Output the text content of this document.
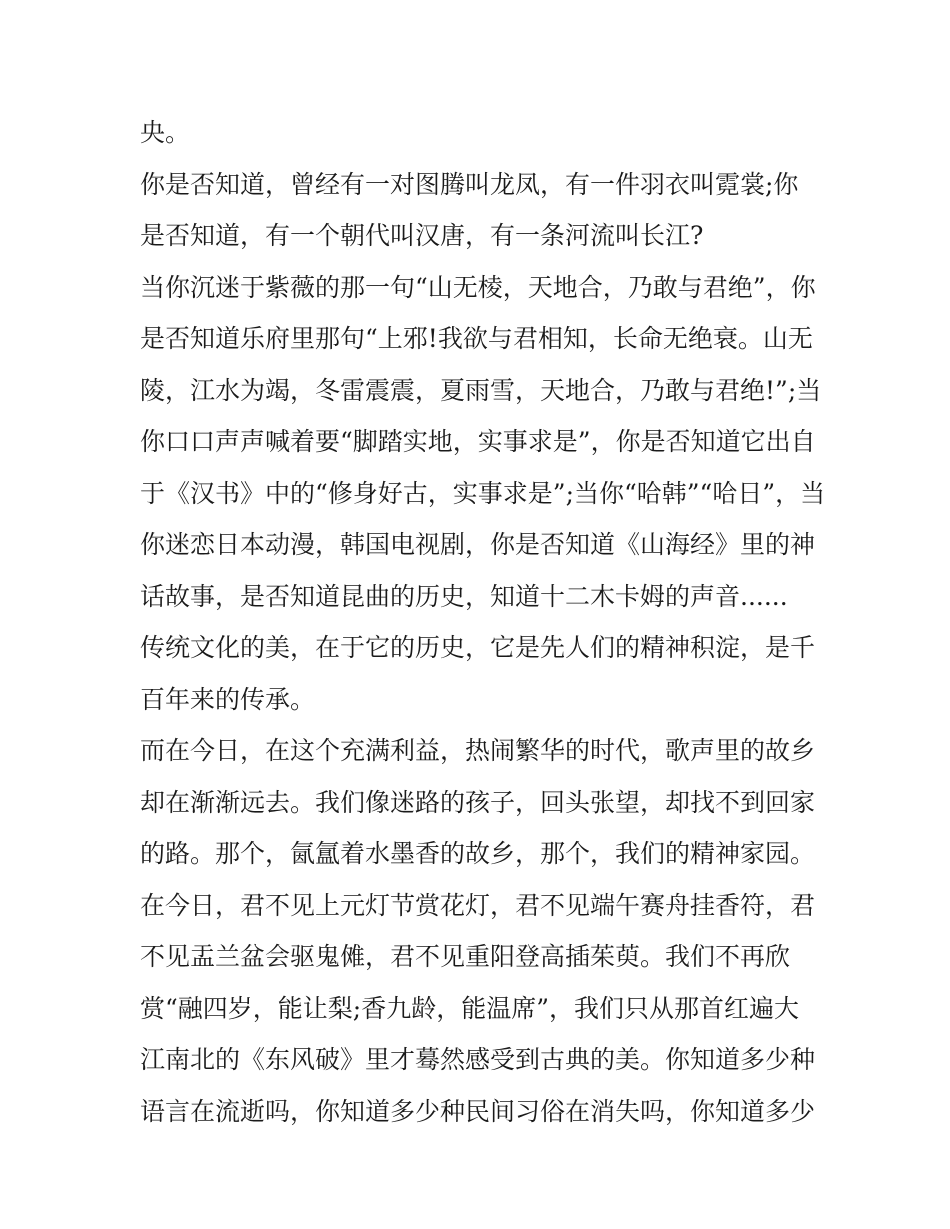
央。
你是否知道，曾经有一对图腾叫龙凤，有一件羽衣叫霓裳;你
是否知道，有一个朝代叫汉唐，有一条河流叫长江?
当你沉迷于紫薇的那一句“山无棱，天地合，乃敢与君绝”，你
是否知道乐府里那句“上邪!我欲与君相知，长命无绝衰。山无
陵，江水为竭，冬雷震震，夏雨雪，天地合，乃敢与君绝!”;当
你口口声声喊着要“脚踏实地，实事求是”，你是否知道它出自
于《汉书》中的“修身好古，实事求是”;当你“哈韩”“哈日”，当
你迷恋日本动漫，韩国电视剧，你是否知道《山海经》里的神
话故事，是否知道昆曲的历史，知道十二木卡姆的声音......
传统文化的美，在于它的历史，它是先人们的精神积淀，是千
百年来的传承。
而在今日，在这个充满利益，热闹繁华的时代，歌声里的故乡
却在渐渐远去。我们像迷路的孩子，回头张望，却找不到回家
的路。那个，氤氲着水墨香的故乡，那个，我们的精神家园。
在今日，君不见上元灯节赏花灯，君不见端午赛舟挂香符，君
不见盂兰盆会驱鬼傩，君不见重阳登高插茱萸。我们不再欣
赏“融四岁，能让梨;香九龄，能温席”，我们只从那首红遍大
江南北的《东风破》里才蓦然感受到古典的美。你知道多少种
语言在流逝吗，你知道多少种民间习俗在消失吗，你知道多少
